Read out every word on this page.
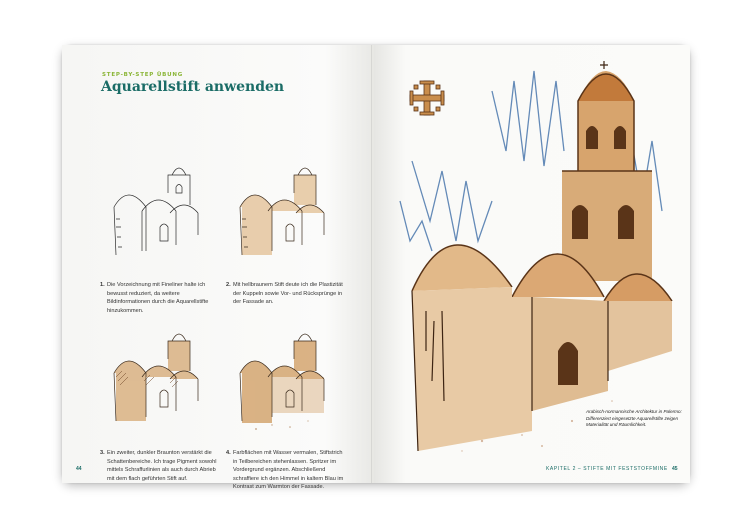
STEP-BY-STEP ÜBUNG
Aquarellstift anwenden
1. Die Vorzeichnung mit Fineliner halte ich bewusst reduziert, da weitere Bildinformationen durch die Aquarellstifte hinzukommen.
2. Mit hellbraunem Stift deute ich die Plastizität der Kuppeln sowie Vor- und Rücksprünge in der Fassade an.
3. Ein zweiter, dunkler Braunton verstärkt die Schattenbereiche. Ich trage Pigment sowohl mittels Schraffurlinien als auch durch Abrieb mit dem flach geführten Stift auf.
4. Farbflächen mit Wasser vermalen, Stiftstrich in Teilbereichen stehenlassen. Spritzer im Vordergrund ergänzen. Abschließend schraffiere ich den Himmel in kaltem Blau im Kontrast zum Warmton der Fassade.
44
Arabisch-normannische Architektur in Palermo: Differenziert eingesetzte Aquarellstifte zeigen Materialität und Räumlichkeit.
KAPITEL 2 – STIFTE MIT FESTSTOFFMINE 45
